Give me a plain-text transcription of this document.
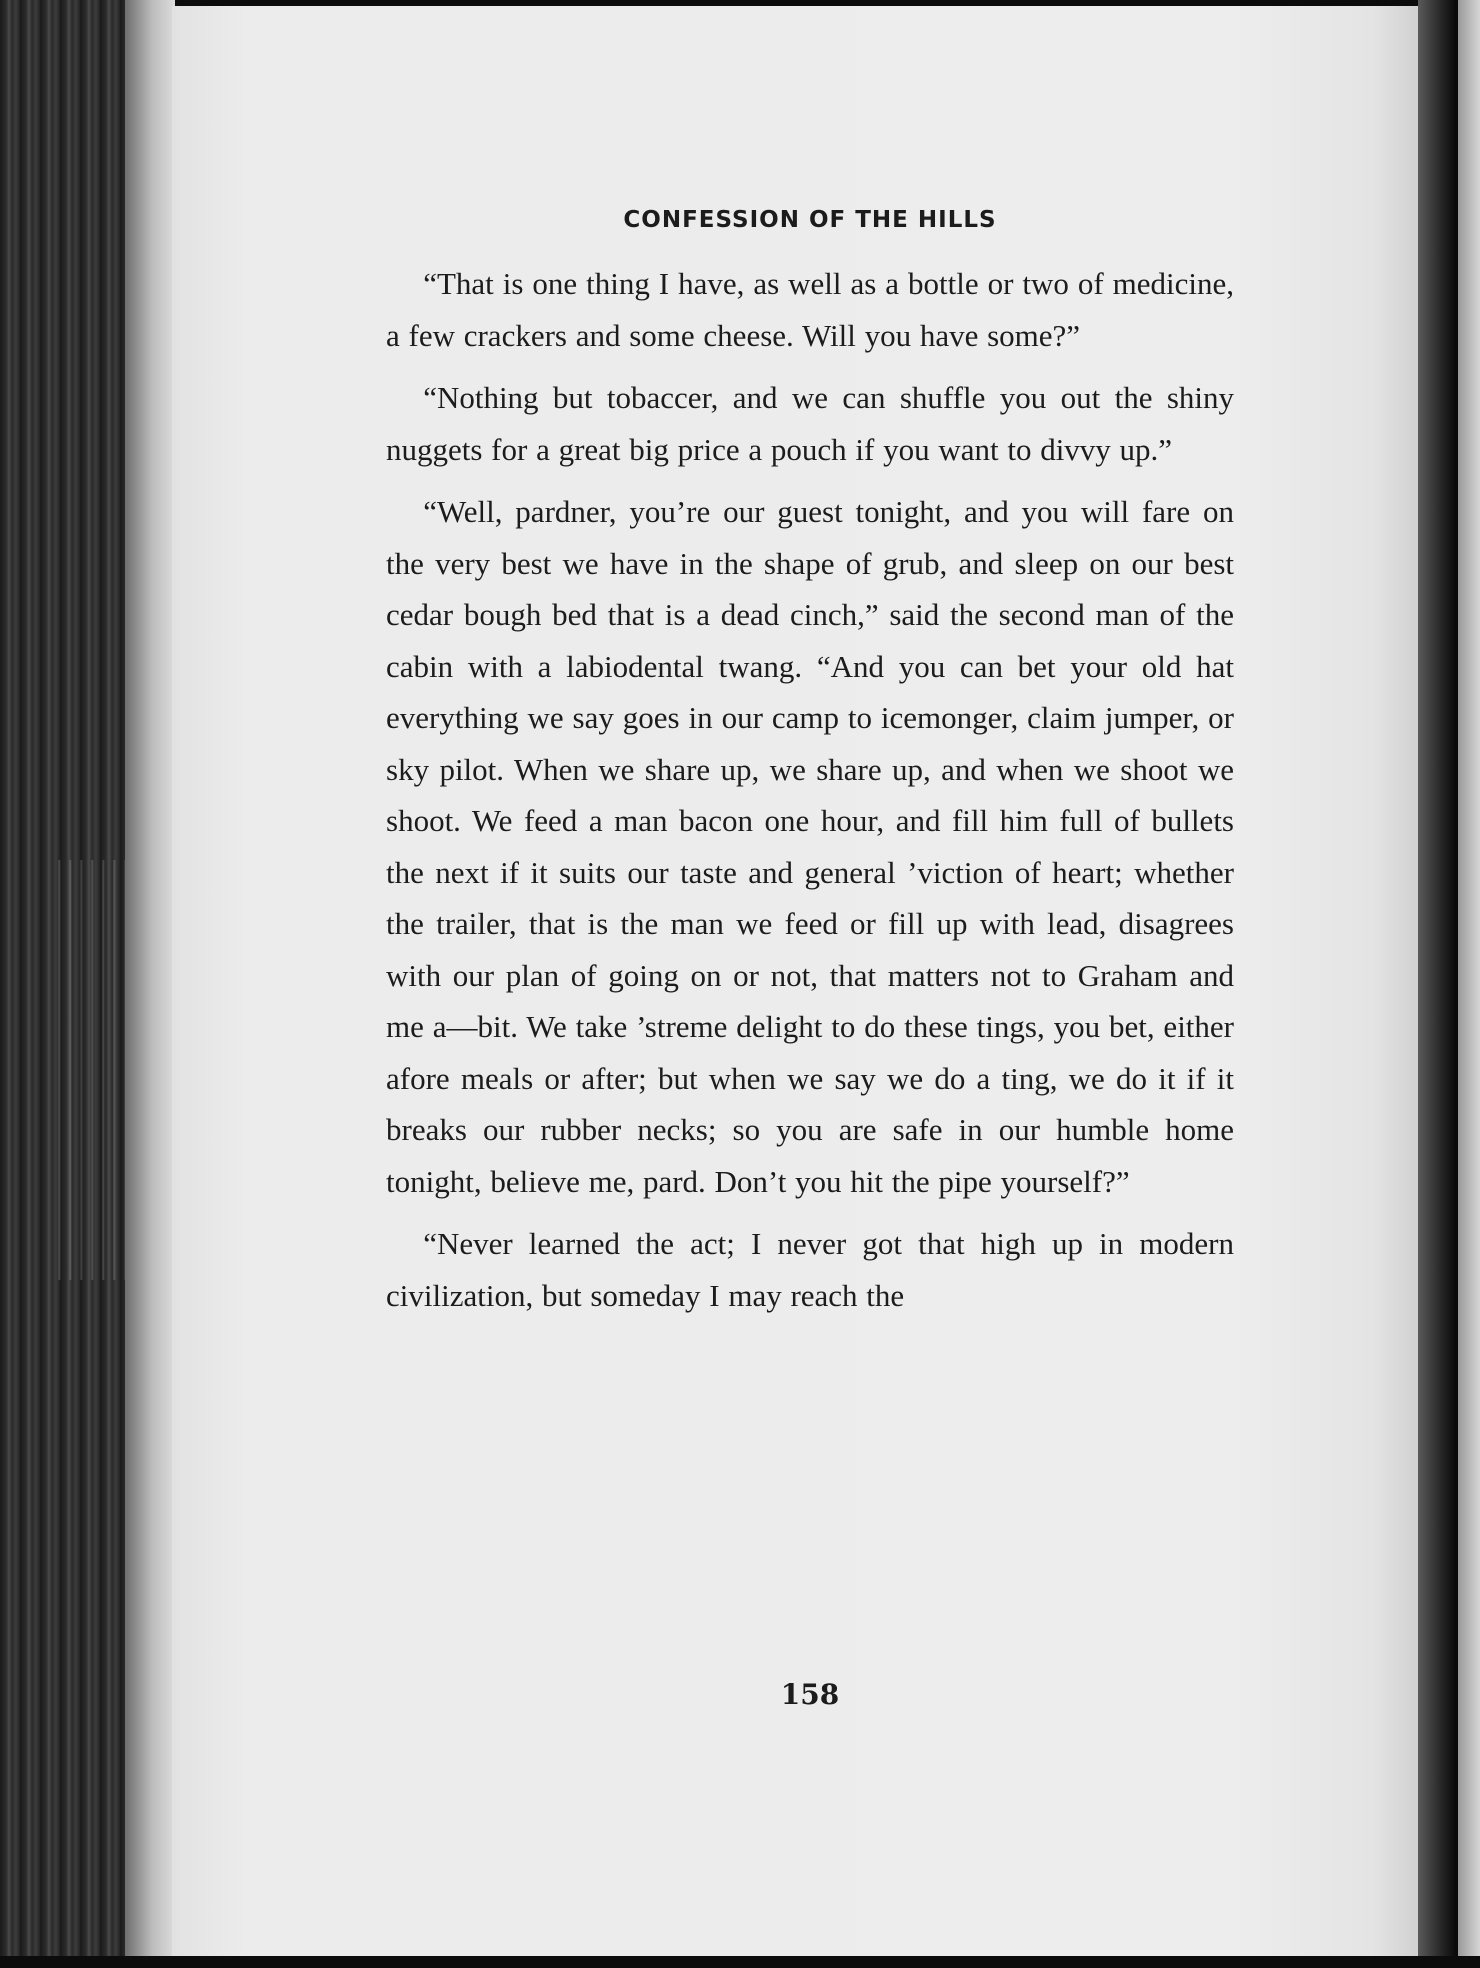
CONFESSION OF THE HILLS

“That is one thing I have, as well as a bottle or two of medicine, a few crackers and some cheese. Will you have some?”

“Nothing but tobaccer, and we can shuffle you out the shiny nuggets for a great big price a pouch if you want to divvy up.”

“Well, pardner, you’re our guest tonight, and you will fare on the very best we have in the shape of grub, and sleep on our best cedar bough bed that is a dead cinch,” said the second man of the cabin with a labiodental twang. “And you can bet your old hat everything we say goes in our camp to icemonger, claim jumper, or sky pilot. When we share up, we share up, and when we shoot we shoot. We feed a man bacon one hour, and fill him full of bullets the next if it suits our taste and general ’viction of heart; whether the trailer, that is the man we feed or fill up with lead, disagrees with our plan of going on or not, that matters not to Graham and me a—bit. We take ’streme delight to do these tings, you bet, either afore meals or after; but when we say we do a ting, we do it if it breaks our rubber necks; so you are safe in our humble home tonight, believe me, pard. Don’t you hit the pipe yourself?”

“Never learned the act; I never got that high up in modern civilization, but someday I may reach the

158
